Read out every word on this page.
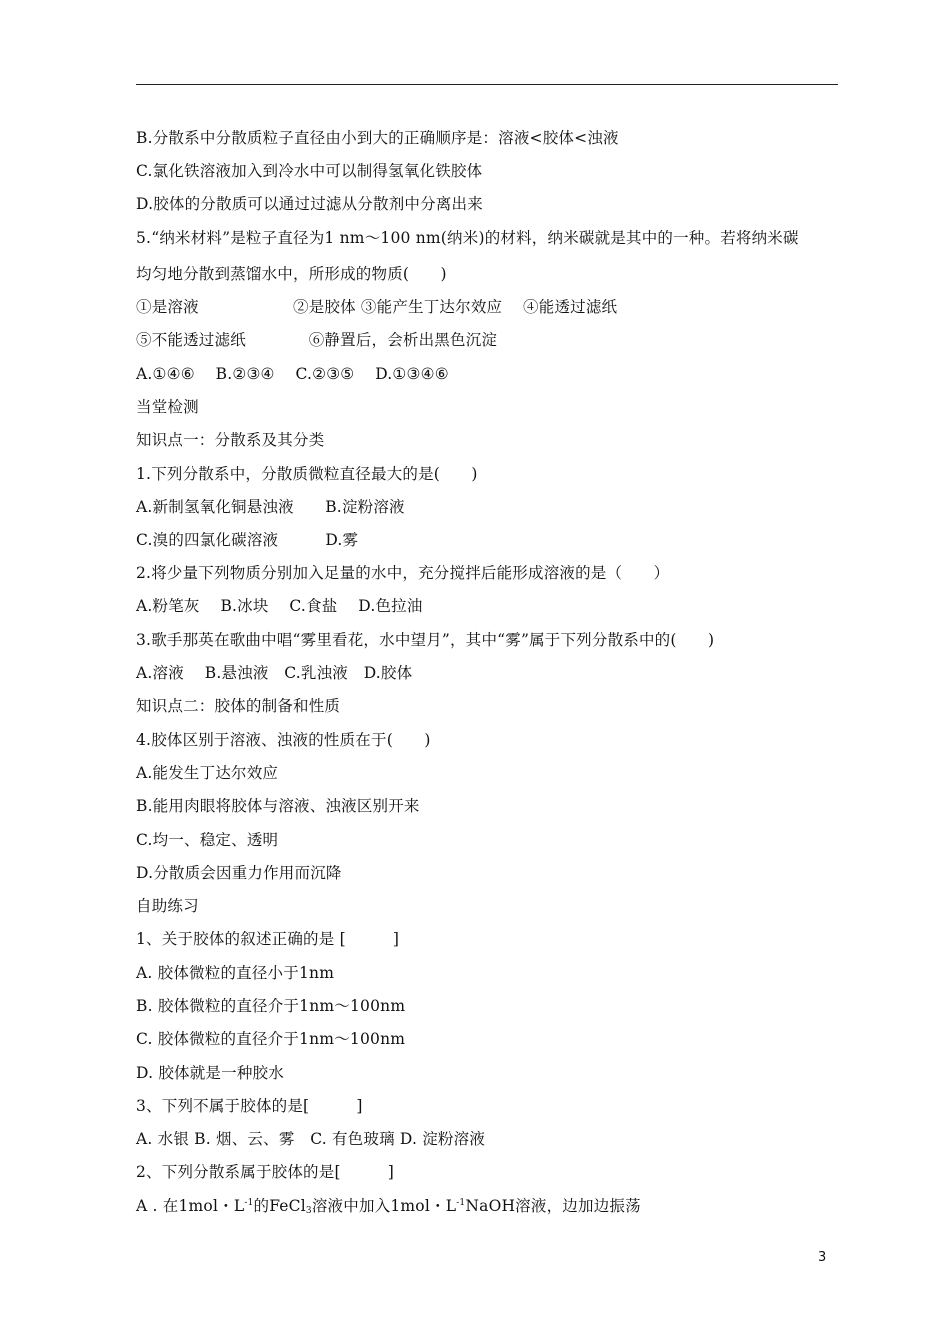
B.分散系中分散质粒子直径由小到大的正确顺序是：溶液<胶体<浊液
C.氯化铁溶液加入到冷水中可以制得氢氧化铁胶体
D.胶体的分散质可以通过过滤从分散剂中分离出来
5.“纳米材料”是粒子直径为1 nm～100 nm(纳米)的材料，纳米碳就是其中的一种。若将纳米碳
均匀地分散到蒸馏水中，所形成的物质(　　)
①是溶液　　　　　　②是胶体 ③能产生丁达尔效应　 ④能透过滤纸
⑤不能透过滤纸　　　　⑥静置后，会析出黑色沉淀
A.①④⑥　 B.②③④　 C.②③⑤　 D.①③④⑥
当堂检测
知识点一：分散系及其分类
1.下列分散系中，分散质微粒直径最大的是(　　)
A.新制氢氧化铜悬浊液　　B.淀粉溶液
C.溴的四氯化碳溶液　　　D.雾
2.将少量下列物质分别加入足量的水中，充分搅拌后能形成溶液的是（　　）
A.粉笔灰　 B.冰块　 C.食盐　 D.色拉油
3.歌手那英在歌曲中唱“雾里看花，水中望月”，其中“雾”属于下列分散系中的(　　)
A.溶液　 B.悬浊液　C.乳浊液　D.胶体
知识点二：胶体的制备和性质
4.胶体区别于溶液、浊液的性质在于(　　)
A.能发生丁达尔效应
B.能用肉眼将胶体与溶液、浊液区别开来
C.均一、稳定、透明
D.分散质会因重力作用而沉降
自助练习
1、关于胶体的叙述正确的是 [　　　]
A. 胶体微粒的直径小于1nm
B. 胶体微粒的直径介于1nm～100nm
C. 胶体微粒的直径介于1nm～100nm
D. 胶体就是一种胶水
3、下列不属于胶体的是[　　　]
A. 水银 B. 烟、云、雾　C. 有色玻璃 D. 淀粉溶液
2、下列分散系属于胶体的是[　　　]
A . 在1mol・$L^{-1}$的FeCl$_3$溶液中加入1mol・$L^{-1}NaOH$溶液，边加边振荡
3
